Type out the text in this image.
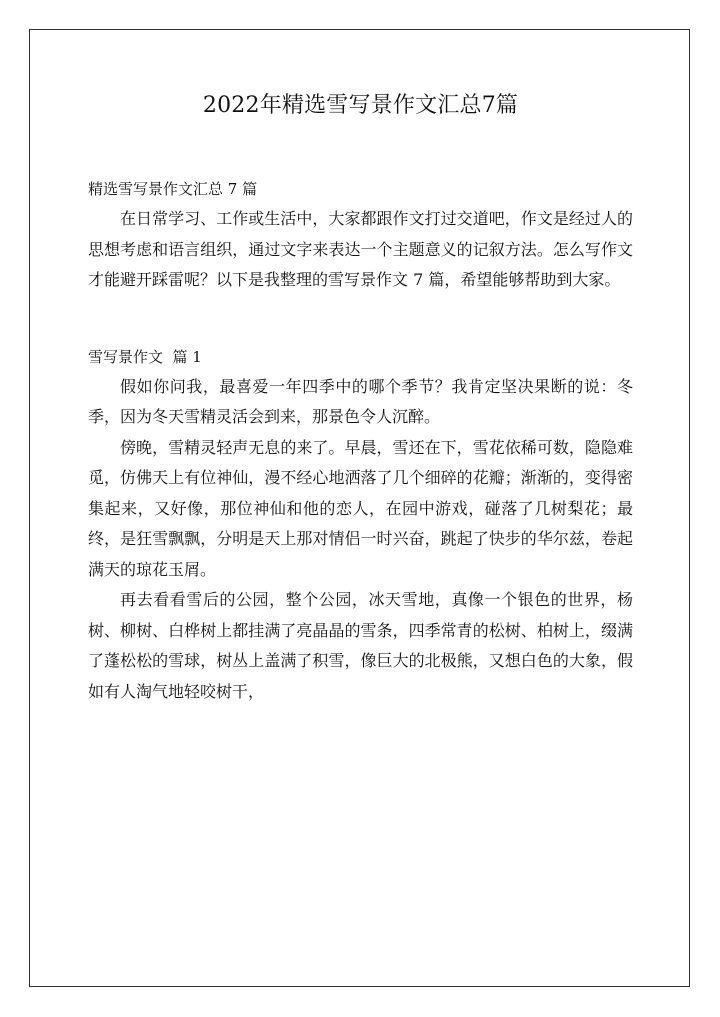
2022年精选雪写景作文汇总7篇
精选雪写景作文汇总 7 篇

在日常学习、工作或生活中，大家都跟作文打过交道吧，作文是经过人的思想考虑和语言组织，通过文字来表达一个主题意义的记叙方法。怎么写作文才能避开踩雷呢？以下是我整理的雪写景作文 7 篇，希望能够帮助到大家。

雪写景作文  篇 1

假如你问我，最喜爱一年四季中的哪个季节？我肯定坚决果断的说：冬季，因为冬天雪精灵活会到来，那景色令人沉醉。

傍晚，雪精灵轻声无息的来了。早晨，雪还在下，雪花依稀可数，隐隐难觅，仿佛天上有位神仙，漫不经心地洒落了几个细碎的花瓣；渐渐的，变得密集起来，又好像，那位神仙和他的恋人，在园中游戏，碰落了几树梨花；最终，是狂雪飘飘，分明是天上那对情侣一时兴奋，跳起了快步的华尔兹，卷起满天的琼花玉屑。

再去看看雪后的公园，整个公园，冰天雪地，真像一个银色的世界，杨树、柳树、白桦树上都挂满了亮晶晶的雪条，四季常青的松树、柏树上，缀满了蓬松松的雪球，树丛上盖满了积雪，像巨大的北极熊，又想白色的大象，假如有人淘气地轻咬树干，
